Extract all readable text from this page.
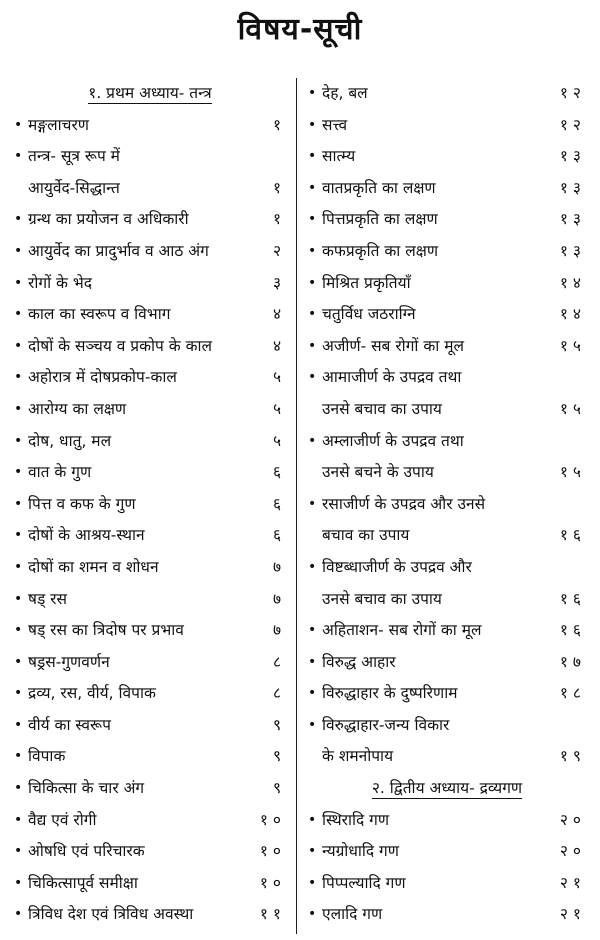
विषय-सूची
१. प्रथम अध्याय- तन्त्र
• मङ्गलाचरण	१
• तन्त्र- सूत्र रूप में
आयुर्वेद-सिद्धान्त	१
• ग्रन्थ का प्रयोजन व अधिकारी	१
• आयुर्वेद का प्रादुर्भाव व आठ अंग	२
• रोगों के भेद	३
• काल का स्वरूप व विभाग	४
• दोषों के सञ्चय व प्रकोप के काल	४
• अहोरात्र में दोषप्रकोप-काल	५
• आरोग्य का लक्षण	५
• दोष, धातु, मल	५
• वात के गुण	६
• पित्त व कफ के गुण	६
• दोषों के आश्रय-स्थान	६
• दोषों का शमन व शोधन	७
• षड् रस	७
• षड् रस का त्रिदोष पर प्रभाव	७
• षड्रस-गुणवर्णन	८
• द्रव्य, रस, वीर्य, विपाक	८
• वीर्य का स्वरूप	९
• विपाक	९
• चिकित्सा के चार अंग	९
• वैद्य एवं रोगी	१०
• ओषधि एवं परिचारक	१०
• चिकित्सापूर्व समीक्षा	१०
• त्रिविध देश एवं त्रिविध अवस्था	११
• देह, बल	१२
• सत्त्व	१२
• सात्म्य	१३
• वातप्रकृति का लक्षण	१३
• पित्तप्रकृति का लक्षण	१३
• कफप्रकृति का लक्षण	१३
• मिश्रित प्रकृतियाँ	१४
• चतुर्विध जठराग्नि	१४
• अजीर्ण- सब रोगों का मूल	१५
• आमाजीर्ण के उपद्रव तथा
उनसे बचाव का उपाय	१५
• अम्लाजीर्ण के उपद्रव तथा
उनसे बचने के उपाय	१५
• रसाजीर्ण के उपद्रव और उनसे
बचाव का उपाय	१६
• विष्टब्धाजीर्ण के उपद्रव और
उनसे बचाव का उपाय	१६
• अहिताशन- सब रोगों का मूल	१६
• विरुद्ध आहार	१७
• विरुद्धाहार के दुष्परिणाम	१८
• विरुद्धाहार-जन्य विकार
के शमनोपाय	१९
२. द्वितीय अध्याय- द्रव्यगण
• स्थिरादि गण	२०
• न्यग्रोधादि गण	२०
• पिप्पल्यादि गण	२१
• एलादि गण	२१
